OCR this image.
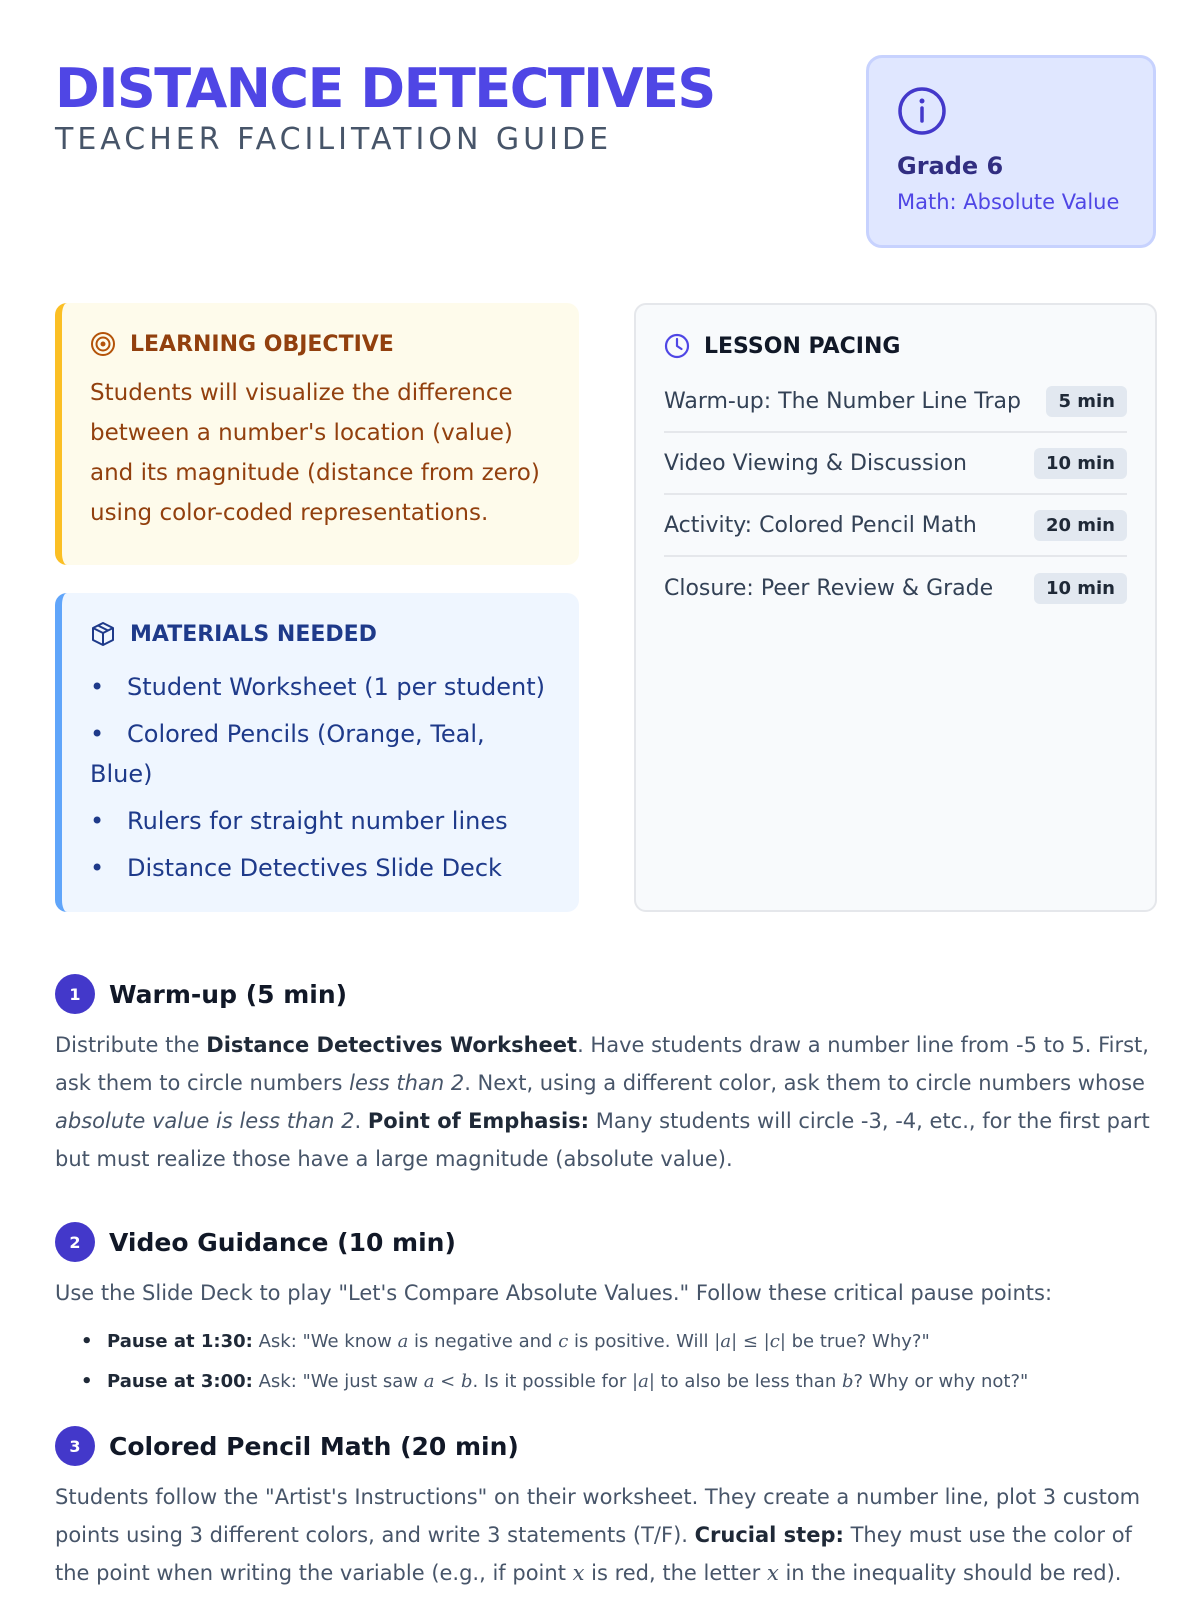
DISTANCE DETECTIVES
TEACHER FACILITATION GUIDE
Grade 6
Math: Absolute Value
LEARNING OBJECTIVE
Students will visualize the difference between a number's location (value) and its magnitude (distance from zero) using color-coded representations.
MATERIALS NEEDED
• Student Worksheet (1 per student)
• Colored Pencils (Orange, Teal, Blue)
• Rulers for straight number lines
• Distance Detectives Slide Deck
LESSON PACING
Warm-up: The Number Line Trap	5 min
Video Viewing & Discussion	10 min
Activity: Colored Pencil Math	20 min
Closure: Peer Review & Grade	10 min
1	Warm-up (5 min)

Distribute the Distance Detectives Worksheet. Have students draw a number line from -5 to 5. First, ask them to circle numbers less than 2. Next, using a different color, ask them to circle numbers whose absolute value is less than 2. Point of Emphasis: Many students will circle -3, -4, etc., for the first part but must realize those have a large magnitude (absolute value).

2	Video Guidance (10 min)

Use the Slide Deck to play "Let's Compare Absolute Values." Follow these critical pause points:

• Pause at 1:30: Ask: "We know a is negative and c is positive. Will |a| ≤ |c| be true? Why?"
• Pause at 3:00: Ask: "We just saw a < b. Is it possible for |a| to also be less than b? Why or why not?"
3	Colored Pencil Math (20 min)

Students follow the "Artist's Instructions" on their worksheet. They create a number line, plot 3 custom points using 3 different colors, and write 3 statements (T/F). Crucial step: They must use the color of the point when writing the variable (e.g., if point x is red, the letter x in the inequality should be red).
